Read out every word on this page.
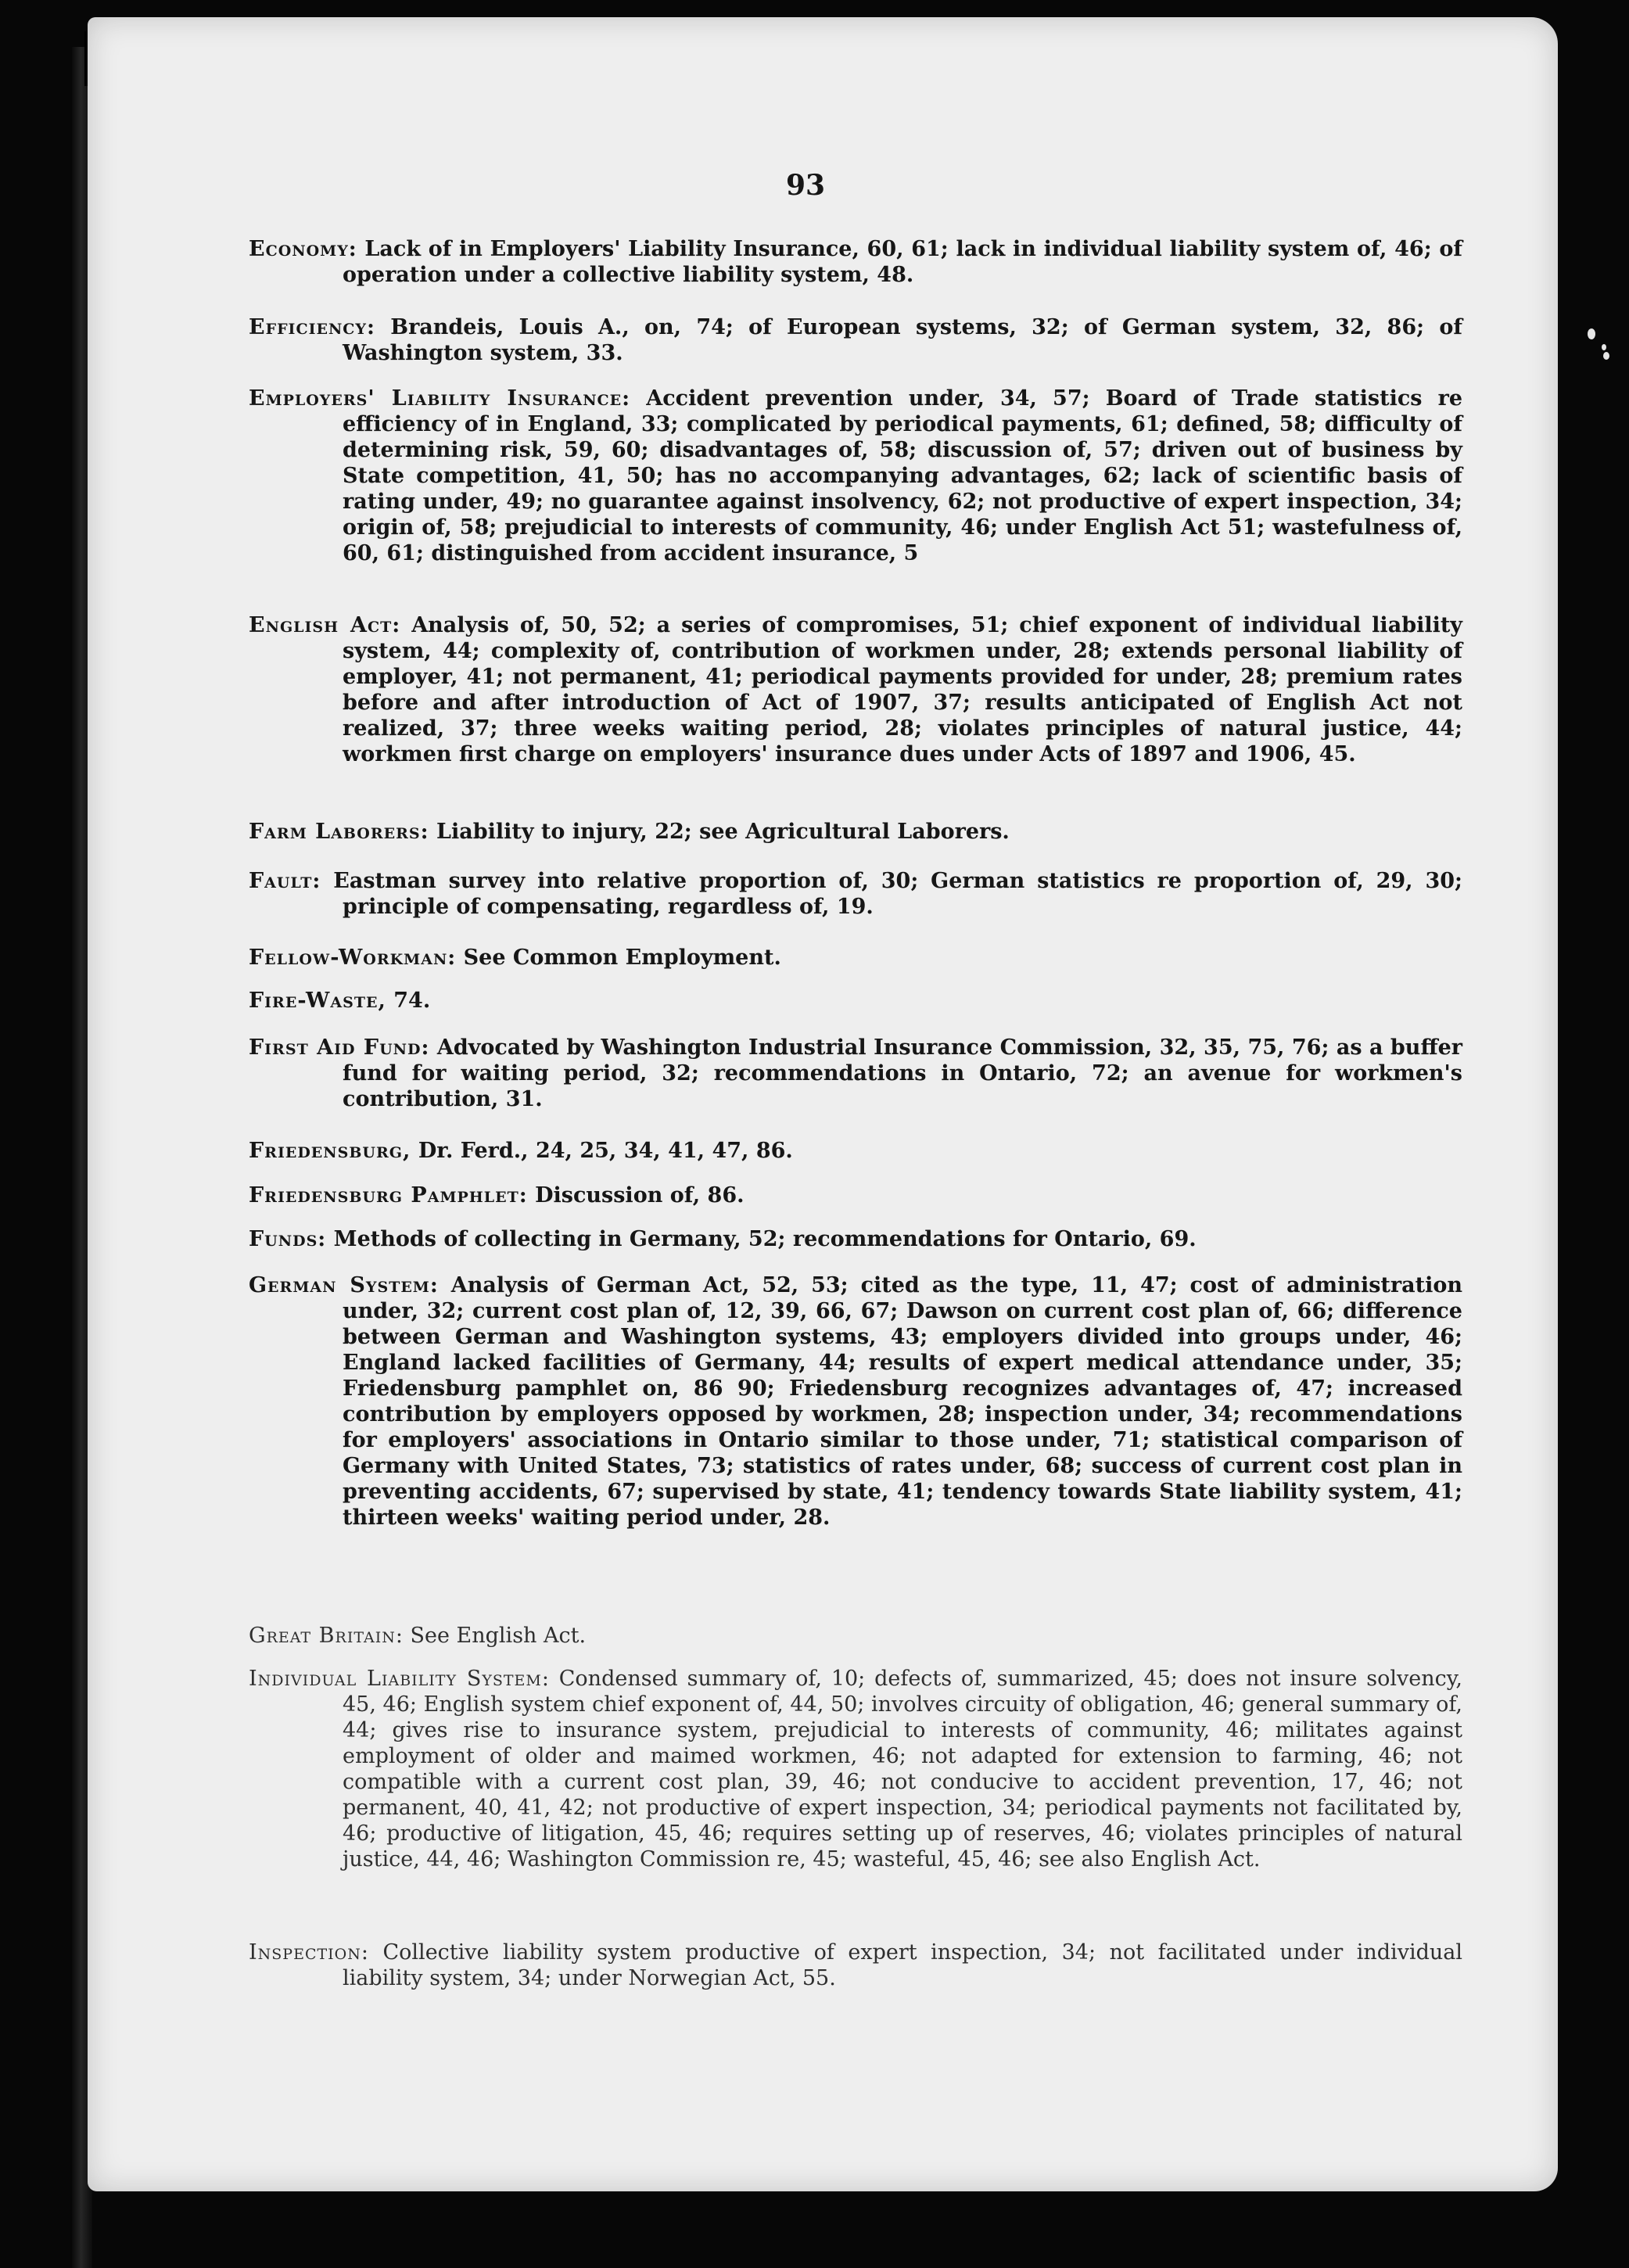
93
Economy: Lack of in Employers' Liability Insurance, 60, 61; lack in individual liability system of, 46; of operation under a collective liability system, 48.
Efficiency: Brandeis, Louis A., on, 74; of European systems, 32; of German system, 32, 86; of Washington system, 33.
Employers' Liability Insurance: Accident prevention under, 34, 57; Board of Trade statistics re efficiency of in England, 33; complicated by periodical payments, 61; defined, 58; difficulty of determining risk, 59, 60; disadvantages of, 58; discussion of, 57; driven out of business by State competition, 41, 50; has no accompanying advantages, 62; lack of scientific basis of rating under, 49; no guarantee against insolvency, 62; not productive of expert inspection, 34; origin of, 58; prejudicial to interests of community, 46; under English Act 51; wastefulness of, 60, 61; distinguished from accident insurance, 5
English Act: Analysis of, 50, 52; a series of compromises, 51; chief exponent of individual liability system, 44; complexity of, contribution of workmen under, 28; extends personal liability of employer, 41; not permanent, 41; periodical payments provided for under, 28; premium rates before and after introduction of Act of 1907, 37; results anticipated of English Act not realized, 37; three weeks waiting period, 28; violates principles of natural justice, 44; workmen first charge on employers' insurance dues under Acts of 1897 and 1906, 45.
Farm Laborers: Liability to injury, 22; see Agricultural Laborers.
Fault: Eastman survey into relative proportion of, 30; German statistics re proportion of, 29, 30; principle of compensating, regardless of, 19.
Fellow-Workman: See Common Employment.
Fire-Waste, 74.
First Aid Fund: Advocated by Washington Industrial Insurance Commission, 32, 35, 75, 76; as a buffer fund for waiting period, 32; recommendations in Ontario, 72; an avenue for workmen's contribution, 31.
Friedensburg, Dr. Ferd., 24, 25, 34, 41, 47, 86.
Friedensburg Pamphlet: Discussion of, 86.
Funds: Methods of collecting in Germany, 52; recommendations for Ontario, 69.
German System: Analysis of German Act, 52, 53; cited as the type, 11, 47; cost of administration under, 32; current cost plan of, 12, 39, 66, 67; Dawson on current cost plan of, 66; difference between German and Washington systems, 43; employers divided into groups under, 46; England lacked facilities of Germany, 44; results of expert medical attendance under, 35; Friedensburg pamphlet on, 86 90; Friedensburg recognizes advantages of, 47; increased contribution by employers opposed by workmen, 28; inspection under, 34; recommendations for employers' associations in Ontario similar to those under, 71; statistical comparison of Germany with United States, 73; statistics of rates under, 68; success of current cost plan in preventing accidents, 67; supervised by state, 41; tendency towards State liability system, 41; thirteen weeks' waiting period under, 28.
Great Britain: See English Act.
Individual Liability System: Condensed summary of, 10; defects of, summarized, 45; does not insure solvency, 45, 46; English system chief exponent of, 44, 50; involves circuity of obligation, 46; general summary of, 44; gives rise to insurance system, prejudicial to interests of community, 46; militates against employment of older and maimed workmen, 46; not adapted for extension to farming, 46; not compatible with a current cost plan, 39, 46; not conducive to accident prevention, 17, 46; not permanent, 40, 41, 42; not productive of expert inspection, 34; periodical payments not facilitated by, 46; productive of litigation, 45, 46; requires setting up of reserves, 46; violates principles of natural justice, 44, 46; Washington Commission re, 45; wasteful, 45, 46; see also English Act.
Inspection: Collective liability system productive of expert inspection, 34; not facilitated under individual liability system, 34; under Norwegian Act, 55.
